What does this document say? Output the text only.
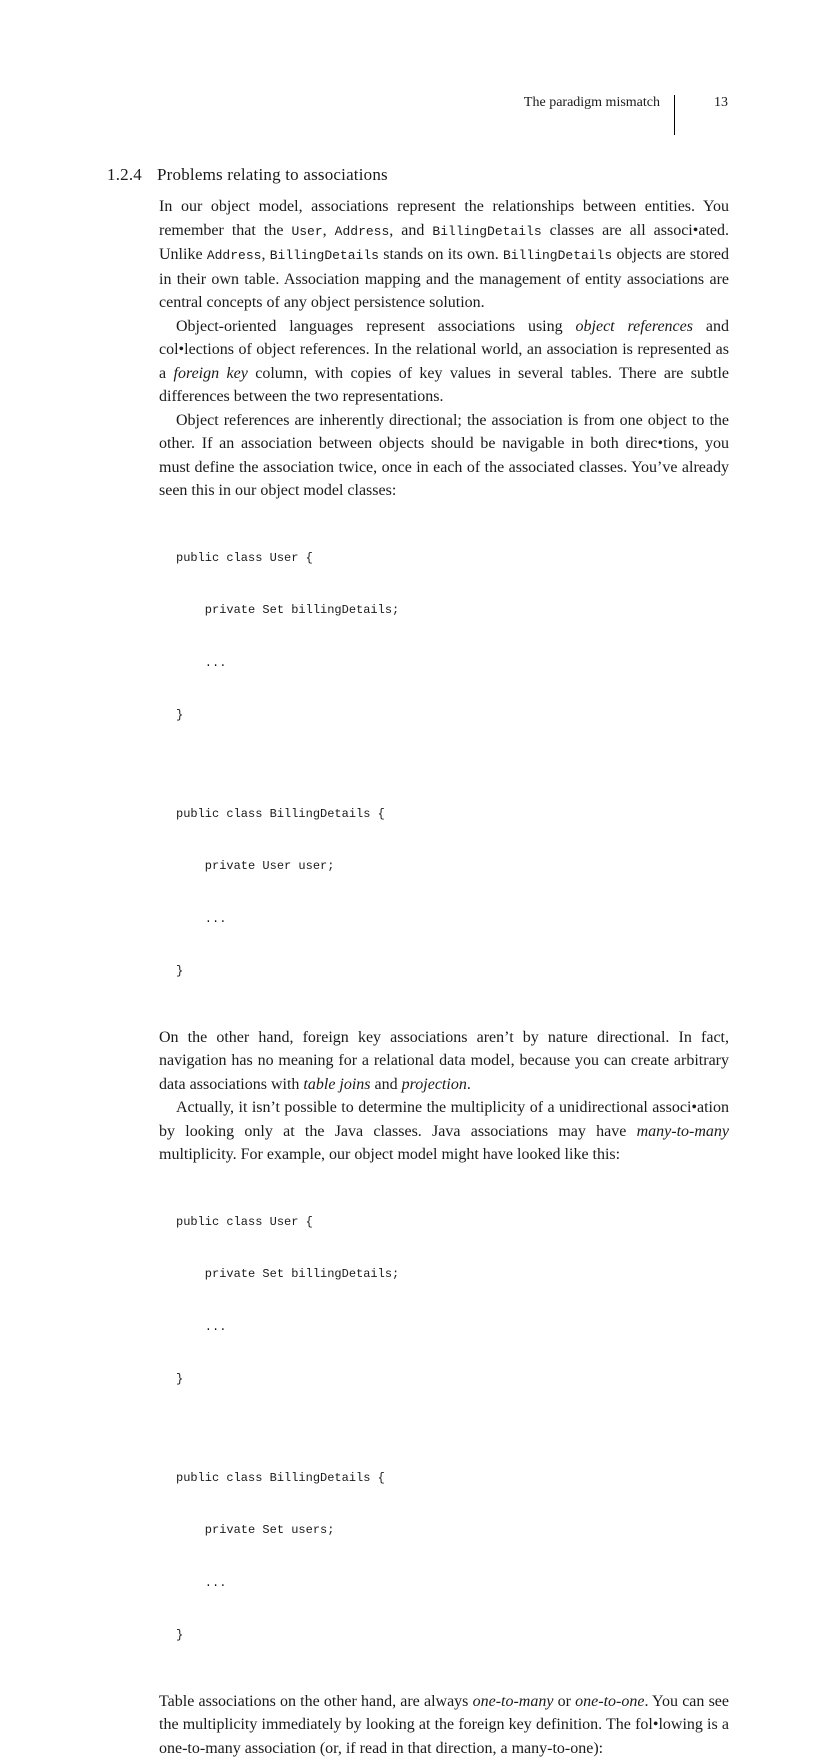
The paradigm mismatch	13
1.2.4 Problems relating to associations

In our object model, associations represent the relationships between entities. You remember that the User, Address, and BillingDetails classes are all associ•ated. Unlike Address, BillingDetails stands on its own. BillingDetails objects are stored in their own table. Association mapping and the management of entity associations are central concepts of any object persistence solution.

Object-oriented languages represent associations using object references and col•lections of object references. In the relational world, an association is represented as a foreign key column, with copies of key values in several tables. There are subtle differences between the two representations.

Object references are inherently directional; the association is from one object to the other. If an association between objects should be navigable in both direc•tions, you must define the association twice, once in each of the associated classes. You’ve already seen this in our object model classes:

public class User {

private Set billingDetails;

...

}

public class BillingDetails {

private User user;

...

}

On the other hand, foreign key associations aren’t by nature directional. In fact, navigation has no meaning for a relational data model, because you can create arbitrary data associations with table joins and projection.

Actually, it isn’t possible to determine the multiplicity of a unidirectional associ•ation by looking only at the Java classes. Java associations may have many-to-many multiplicity. For example, our object model might have looked like this:

public class User {

private Set billingDetails;

...

}

public class BillingDetails {

private Set users;

...

}

Table associations on the other hand, are always one-to-many or one-to-one. You can see the multiplicity immediately by looking at the foreign key definition. The fol•lowing is a one-to-many association (or, if read in that direction, a many-to-one):
